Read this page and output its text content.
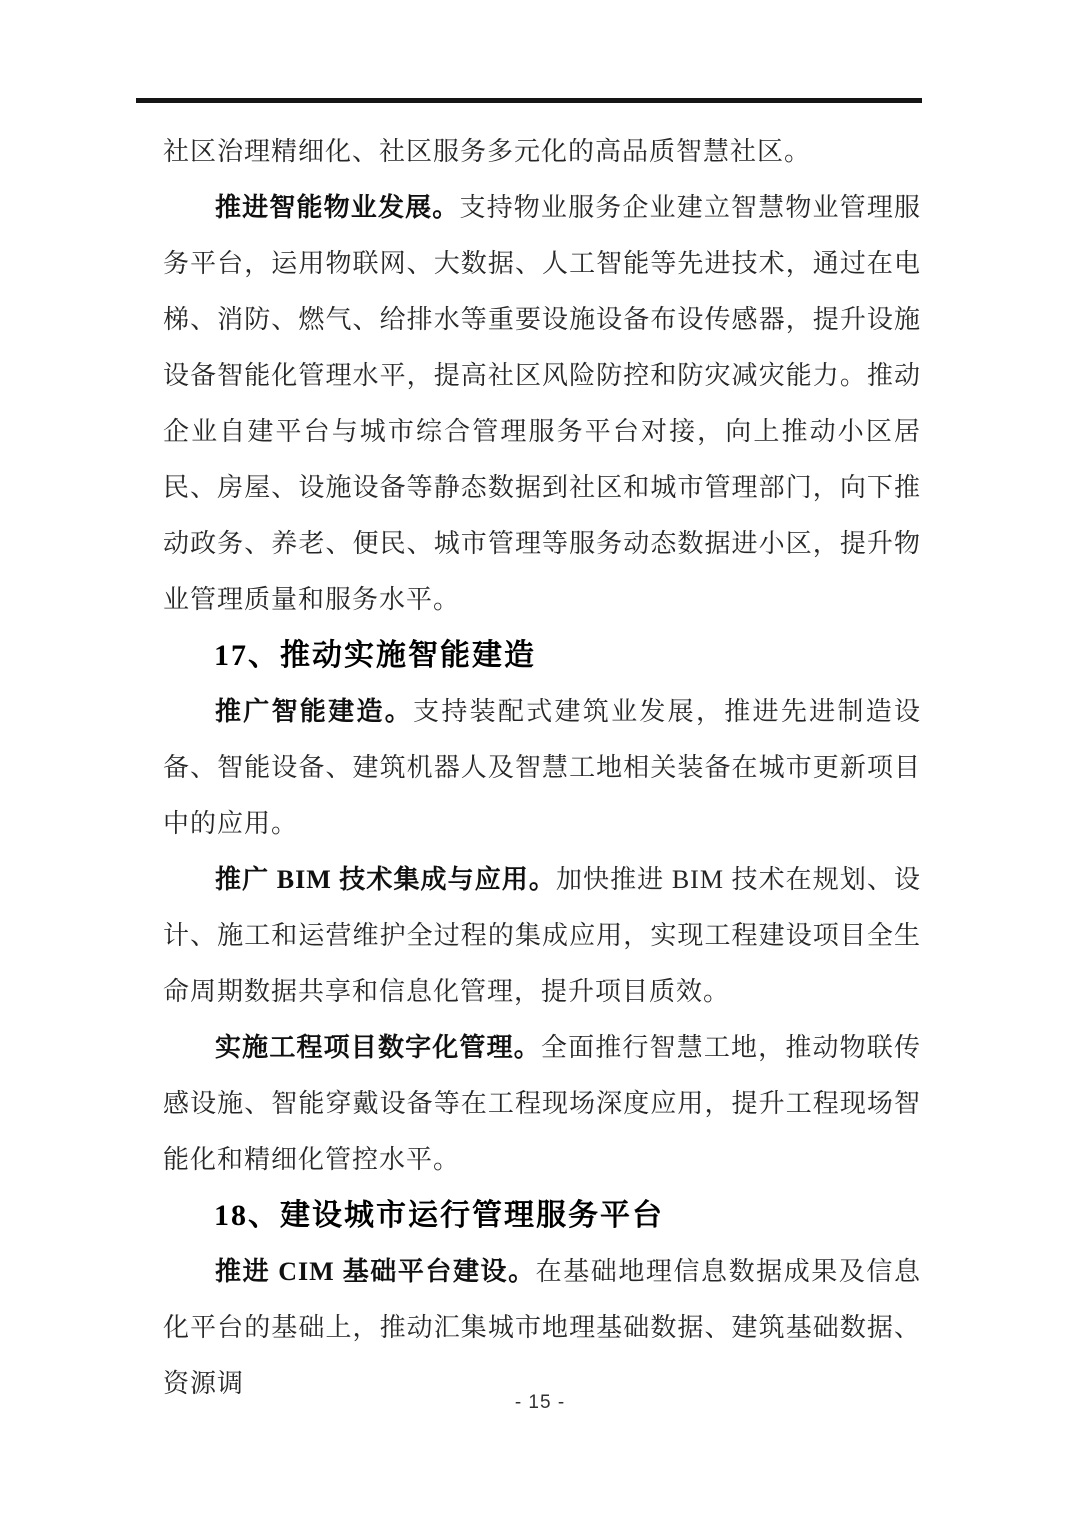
社区治理精细化、社区服务多元化的高品质智慧社区。

推进智能物业发展。支持物业服务企业建立智慧物业管理服务平台，运用物联网、大数据、人工智能等先进技术，通过在电梯、消防、燃气、给排水等重要设施设备布设传感器，提升设施设备智能化管理水平，提高社区风险防控和防灾减灾能力。推动企业自建平台与城市综合管理服务平台对接，向上推动小区居民、房屋、设施设备等静态数据到社区和城市管理部门，向下推动政务、养老、便民、城市管理等服务动态数据进小区，提升物业管理质量和服务水平。

17、推动实施智能建造

推广智能建造。支持装配式建筑业发展，推进先进制造设备、智能设备、建筑机器人及智慧工地相关装备在城市更新项目中的应用。

推广 BIM 技术集成与应用。加快推进 BIM 技术在规划、设计、施工和运营维护全过程的集成应用，实现工程建设项目全生命周期数据共享和信息化管理，提升项目质效。

实施工程项目数字化管理。全面推行智慧工地，推动物联传感设施、智能穿戴设备等在工程现场深度应用，提升工程现场智能化和精细化管控水平。

18、建设城市运行管理服务平台

推进 CIM 基础平台建设。在基础地理信息数据成果及信息化平台的基础上，推动汇集城市地理基础数据、建筑基础数据、资源调

- 15 -
